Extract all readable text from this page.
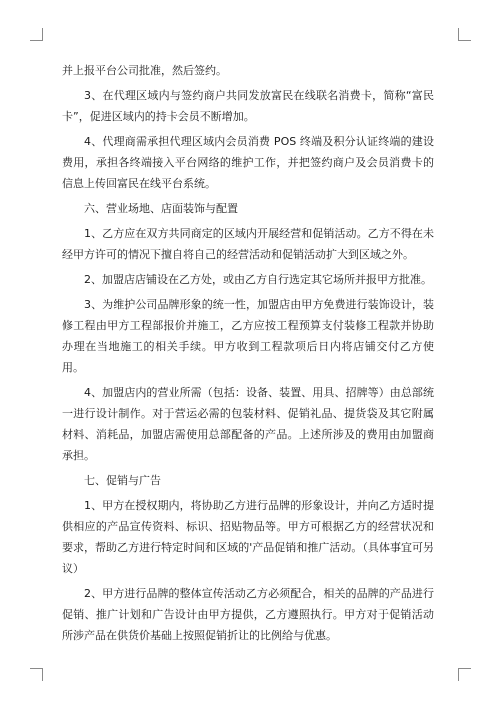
并上报平台公司批准，然后签约。

3、在代理区域内与签约商户共同发放富民在线联名消费卡，简称“富民卡”，促进区域内的持卡会员不断增加。

4、代理商需承担代理区域内会员消费 POS 终端及积分认证终端的建设费用，承担各终端接入平台网络的维护工作，并把签约商户及会员消费卡的信息上传回富民在线平台系统。

六、营业场地、店面装饰与配置

1、乙方应在双方共同商定的区域内开展经营和促销活动。乙方不得在未经甲方许可的情况下擅自将自己的经营活动和促销活动扩大到区域之外。

2、加盟店店铺设在乙方处，或由乙方自行选定其它场所并报甲方批准。

3、为维护公司品牌形象的统一性，加盟店由甲方免费进行装饰设计，装修工程由甲方工程部报价并施工，乙方应按工程预算支付装修工程款并协助办理在当地施工的相关手续。甲方收到工程款项后日内将店铺交付乙方使用。

4、加盟店内的营业所需（包括：设备、装置、用具、招牌等）由总部统一进行设计制作。对于营运必需的包装材料、促销礼品、提货袋及其它附属材料、消耗品，加盟店需使用总部配备的产品。上述所涉及的费用由加盟商承担。

七、促销与广告

1、甲方在授权期内，将协助乙方进行品牌的形象设计，并向乙方适时提供相应的产品宣传资料、标识、招贴物品等。甲方可根据乙方的经营状况和要求，帮助乙方进行特定时间和区域的'产品促销和推广活动。（具体事宜可另议）

2、甲方进行品牌的整体宣传活动乙方必须配合，相关的品牌的产品进行促销、推广计划和广告设计由甲方提供，乙方遵照执行。甲方对于促销活动所涉产品在供货价基础上按照促销折让的比例给与优惠。
